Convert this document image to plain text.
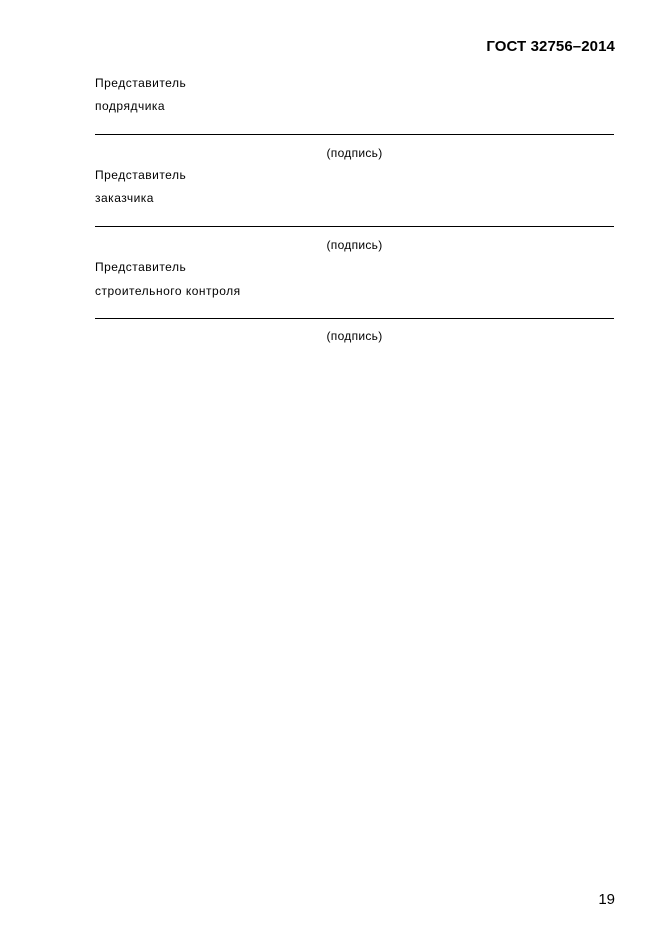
ГОСТ 32756–2014
Представитель
подрядчика
(подпись)
Представитель
заказчика
(подпись)
Представитель
строительного контроля
(подпись)
19
